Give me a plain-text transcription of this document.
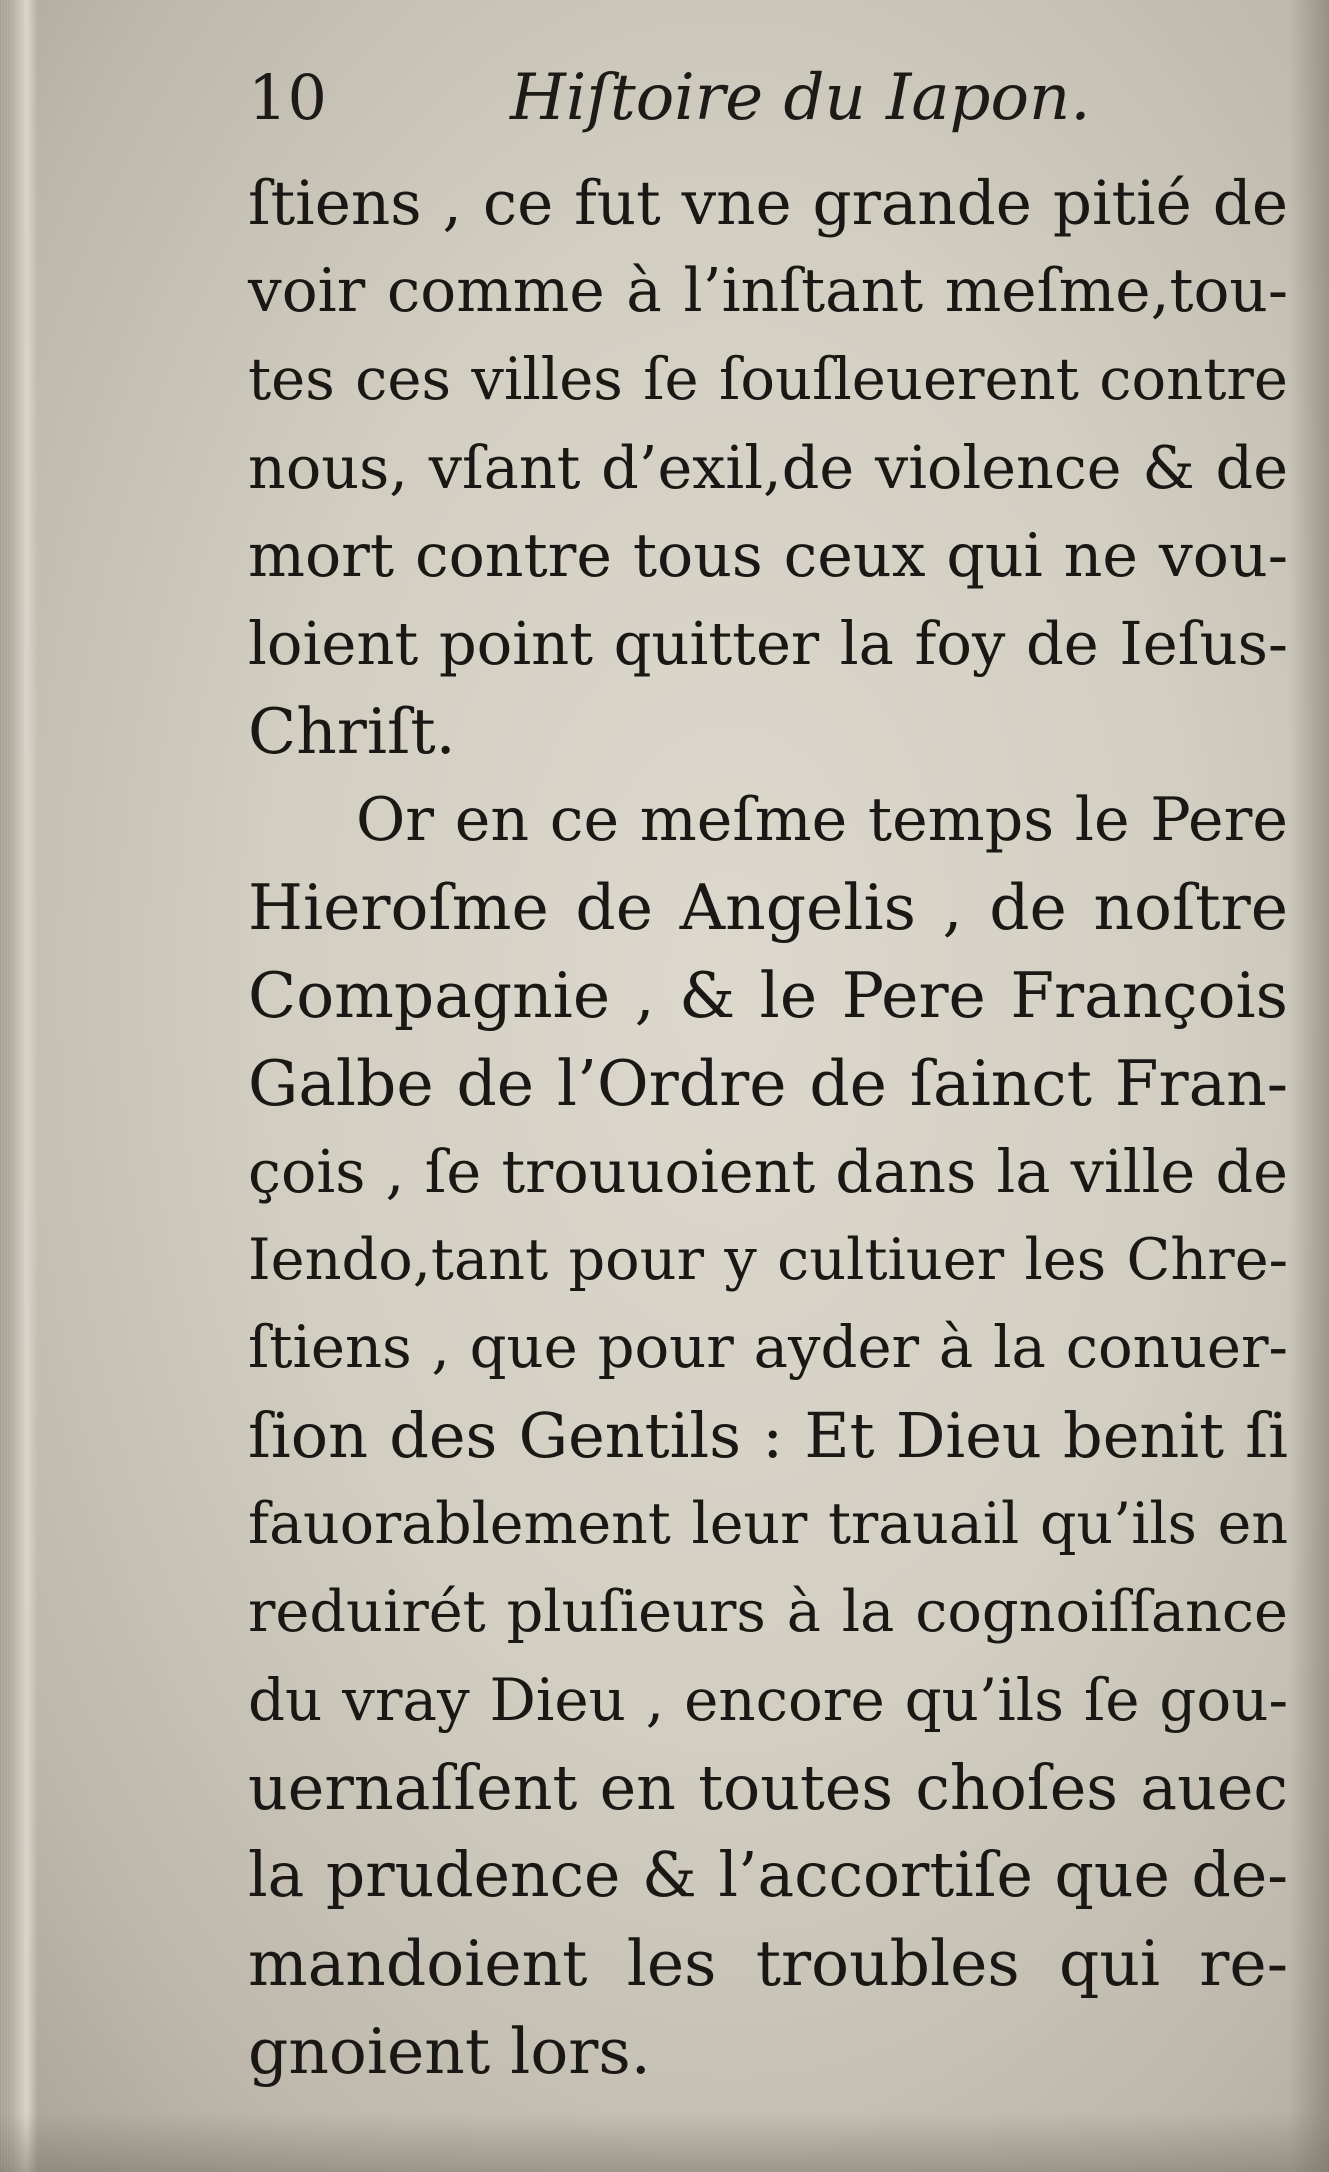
10	Hiſtoire du Iapon.
ſtiens , ce fut vne grande pitié de
voir comme à l’inſtant meſme,tou-
tes ces villes ſe ſouſleuerent contre
nous, vſant d’exil,de violence & de
mort contre tous ceux qui ne vou-
loient point quitter la foy de Ieſus-
Chriſt.
Or en ce meſme temps le Pere
Hieroſme de Angelis , de noſtre
Compagnie , & le Pere François
Galbe de l’Ordre de ſainct Fran-
çois , ſe trouuoient dans la ville de
Iendo,tant pour y cultiuer les Chre-
ſtiens , que pour ayder à la conuer-
ſion des Gentils : Et Dieu benit ſi
fauorablement leur trauail qu’ils en
reduirét pluſieurs à la cognoiſſance
du vray Dieu , encore qu’ils ſe gou-
uernaſſent en toutes choſes auec
la prudence & l’accortiſe que de-
mandoient les troubles qui re-
gnoient lors.
